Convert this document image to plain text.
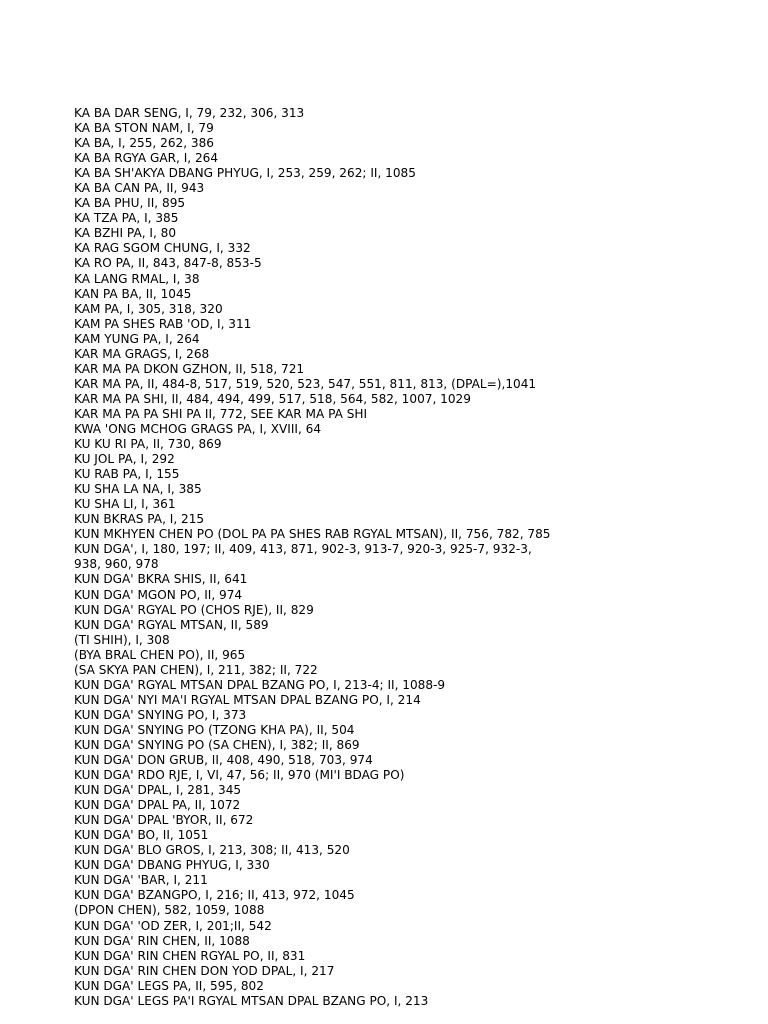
KA BA DAR SENG, I, 79, 232, 306, 313
KA BA STON NAM, I, 79
KA BA, I, 255, 262, 386
KA BA RGYA GAR, I, 264
KA BA SH'AKYA DBANG PHYUG, I, 253, 259, 262; II, 1085
KA BA CAN PA, II, 943
KA BA PHU, II, 895
KA TZA PA, I, 385
KA BZHI PA, I, 80
KA RAG SGOM CHUNG, I, 332
KA RO PA, II, 843, 847-8, 853-5
KA LANG RMAL, I, 38
KAN PA BA, II, 1045
KAM PA, I, 305, 318, 320
KAM PA SHES RAB 'OD, I, 311
KAM YUNG PA, I, 264
KAR MA GRAGS, I, 268
KAR MA PA DKON GZHON, II, 518, 721
KAR MA PA, II, 484-8, 517, 519, 520, 523, 547, 551, 811, 813, (DPAL=),1041
KAR MA PA SHI, II, 484, 494, 499, 517, 518, 564, 582, 1007, 1029
KAR MA PA PA SHI PA II, 772, SEE KAR MA PA SHI
KWA 'ONG MCHOG GRAGS PA, I, XVIII, 64
KU KU RI PA, II, 730, 869
KU JOL PA, I, 292
KU RAB PA, I, 155
KU SHA LA NA, I, 385
KU SHA LI, I, 361
KUN BKRAS PA, I, 215
KUN MKHYEN CHEN PO (DOL PA PA SHES RAB RGYAL MTSAN), II, 756, 782, 785
KUN DGA', I, 180, 197; II, 409, 413, 871, 902-3, 913-7, 920-3, 925-7, 932-3,
938, 960, 978
KUN DGA' BKRA SHIS, II, 641
KUN DGA' MGON PO, II, 974
KUN DGA' RGYAL PO (CHOS RJE), II, 829
KUN DGA' RGYAL MTSAN, II, 589
(TI SHIH), I, 308
(BYA BRAL CHEN PO), II, 965
(SA SKYA PAN CHEN), I, 211, 382; II, 722
KUN DGA' RGYAL MTSAN DPAL BZANG PO, I, 213-4; II, 1088-9
KUN DGA' NYI MA'I RGYAL MTSAN DPAL BZANG PO, I, 214
KUN DGA' SNYING PO, I, 373
KUN DGA' SNYING PO (TZONG KHA PA), II, 504
KUN DGA' SNYING PO (SA CHEN), I, 382; II, 869
KUN DGA' DON GRUB, II, 408, 490, 518, 703, 974
KUN DGA' RDO RJE, I, VI, 47, 56; II, 970 (MI'I BDAG PO)
KUN DGA' DPAL, I, 281, 345
KUN DGA' DPAL PA, II, 1072
KUN DGA' DPAL 'BYOR, II, 672
KUN DGA' BO, II, 1051
KUN DGA' BLO GROS, I, 213, 308; II, 413, 520
KUN DGA' DBANG PHYUG, I, 330
KUN DGA' 'BAR, I, 211
KUN DGA' BZANGPO, I, 216; II, 413, 972, 1045
(DPON CHEN), 582, 1059, 1088
KUN DGA' 'OD ZER, I, 201;II, 542
KUN DGA' RIN CHEN, II, 1088
KUN DGA' RIN CHEN RGYAL PO, II, 831
KUN DGA' RIN CHEN DON YOD DPAL, I, 217
KUN DGA' LEGS PA, II, 595, 802
KUN DGA' LEGS PA'I RGYAL MTSAN DPAL BZANG PO, I, 213
